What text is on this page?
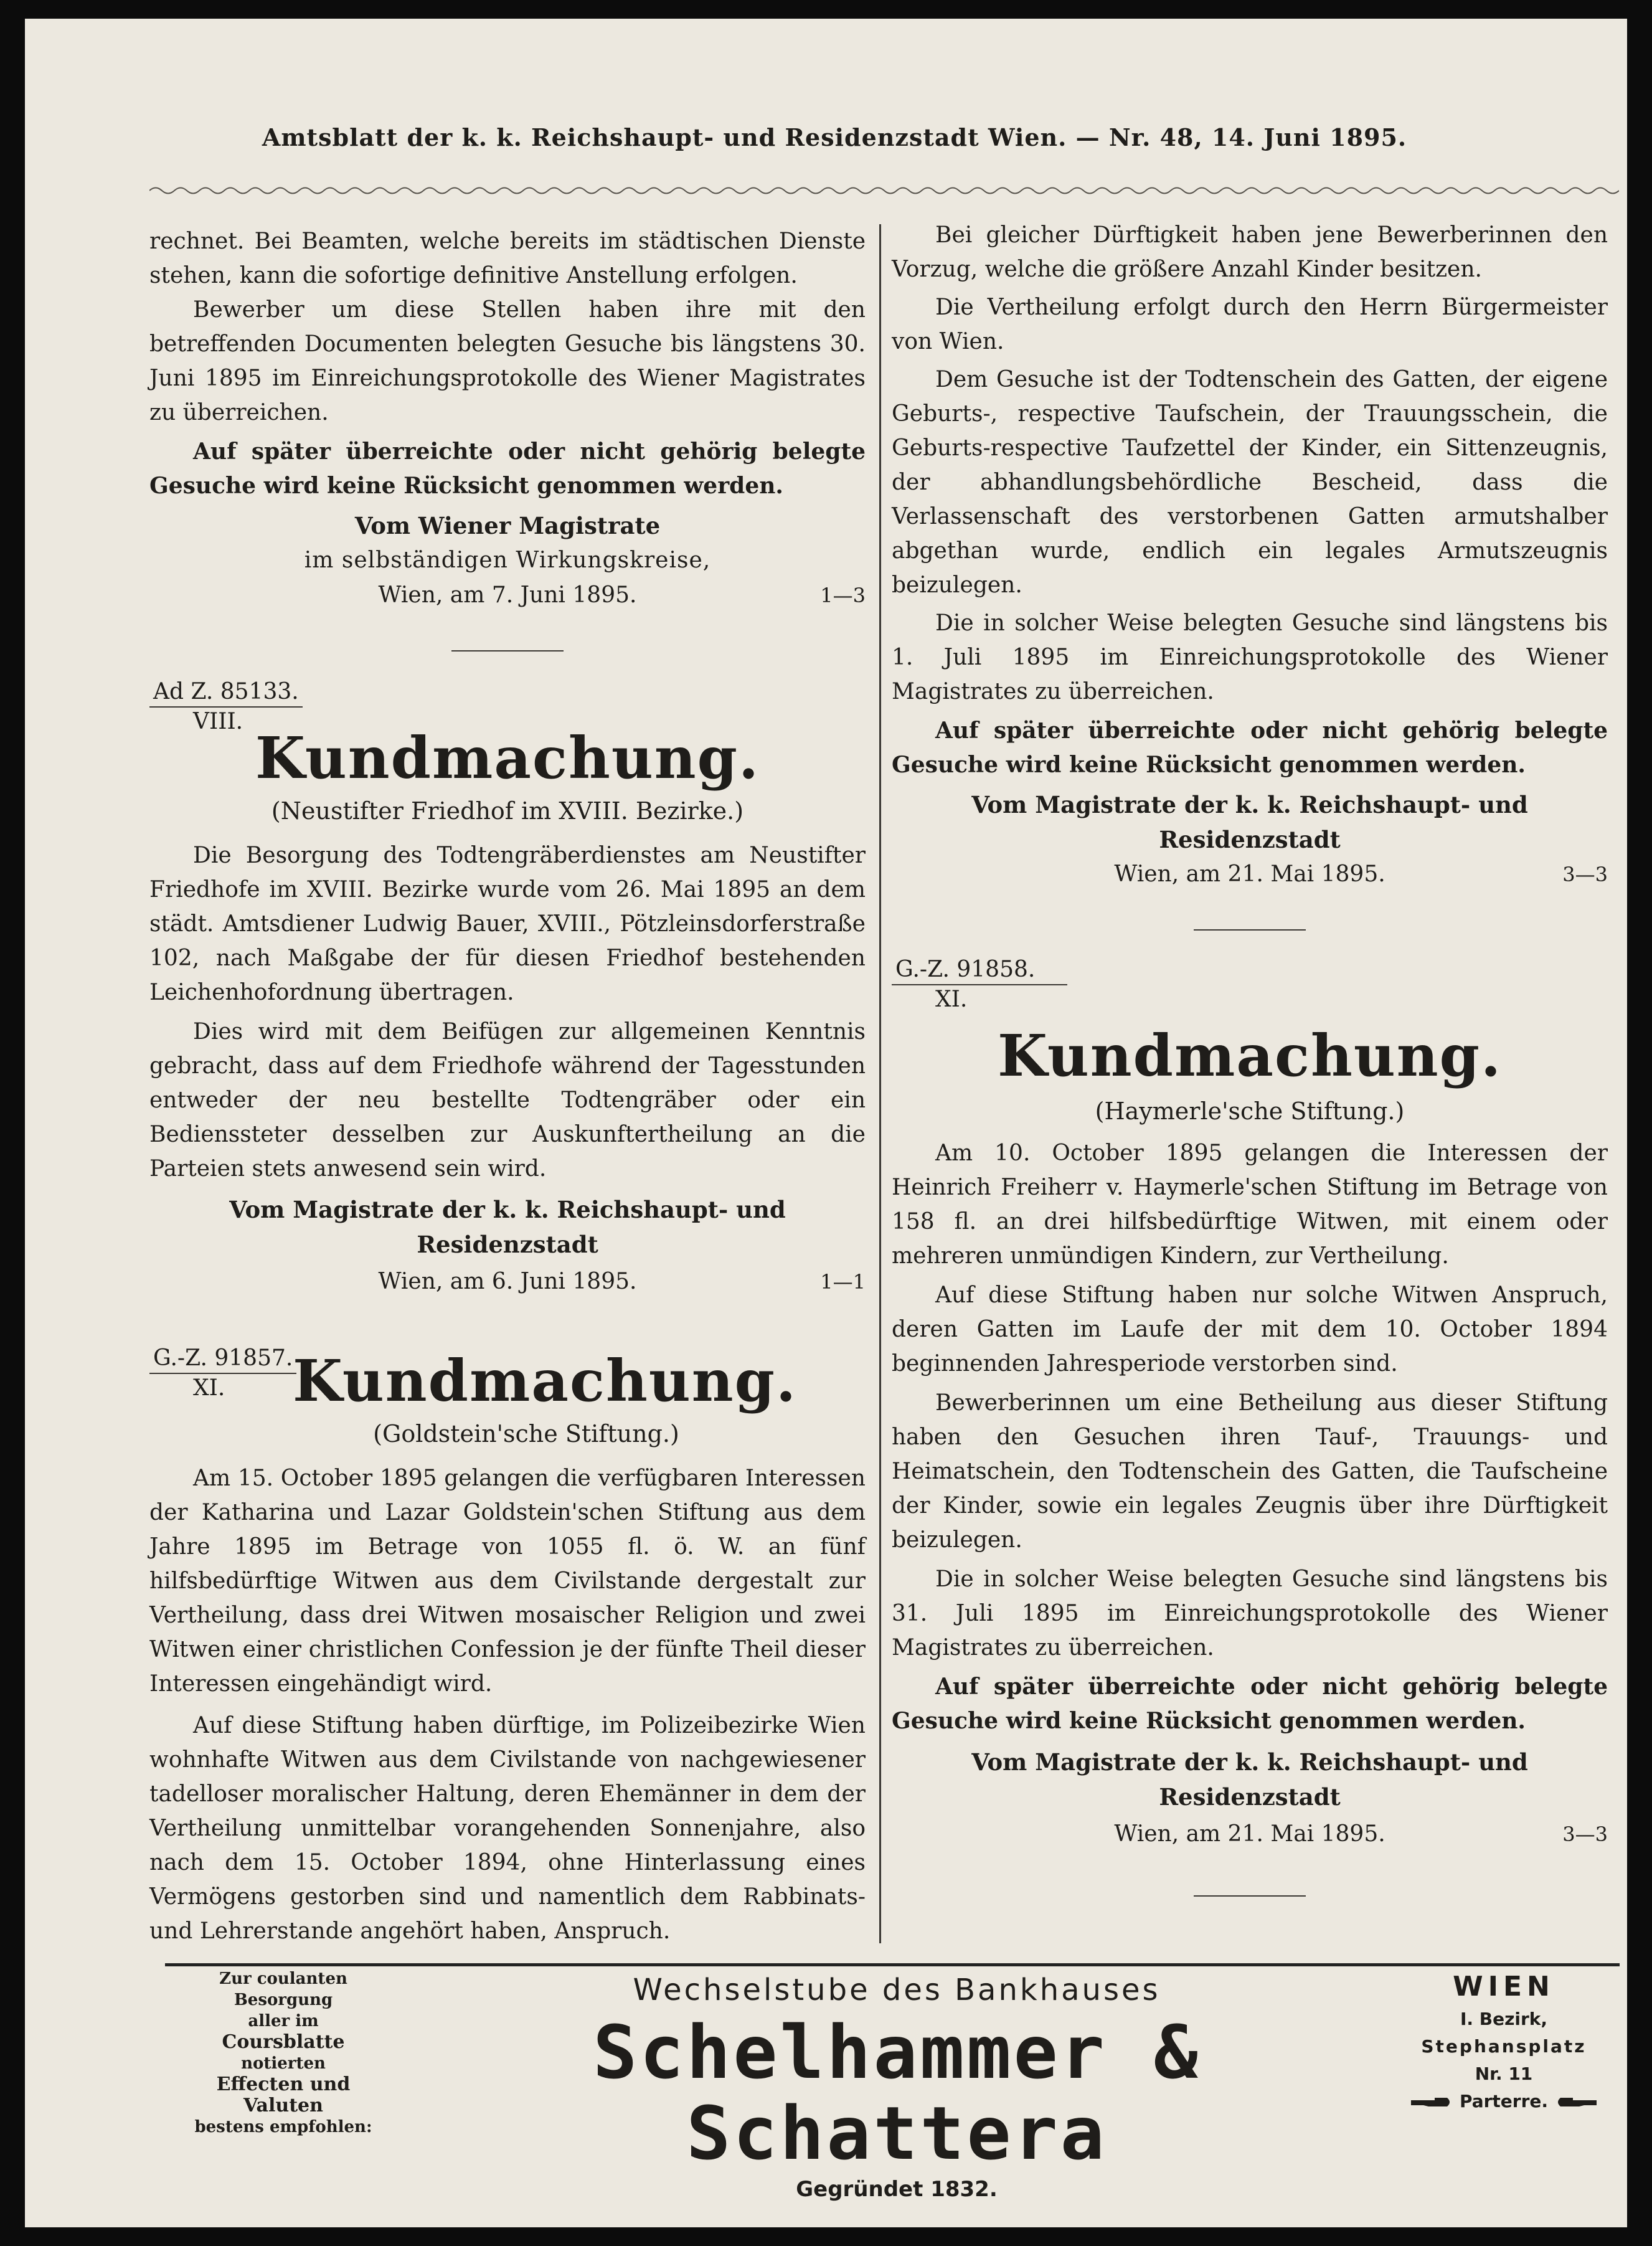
Amtsblatt der k. k. Reichshaupt- und Residenzstadt Wien. — Nr. 48, 14. Juni 1895.

rechnet. Bei Beamten, welche bereits im städtischen Dienste stehen, kann die sofortige definitive Anstellung erfolgen.

Bewerber um diese Stellen haben ihre mit den betreffenden Documenten belegten Gesuche bis längstens 30. Juni 1895 im Einreichungsprotokolle des Wiener Magistrates zu überreichen.

Auf später überreichte oder nicht gehörig belegte Gesuche wird keine Rücksicht genommen werden.

Vom Wiener Magistrate

im selbständigen Wirkungskreise,

Wien, am 7. Juni 1895.	1—3
Ad Z. 85133.
VIII.
Kundmachung.

(Neustifter Friedhof im XVIII. Bezirke.)

Die Besorgung des Todtengräberdienstes am Neustifter Friedhofe im XVIII. Bezirke wurde vom 26. Mai 1895 an dem städt. Amtsdiener Ludwig Bauer, XVIII., Pötzleinsdorferstraße 102, nach Maßgabe der für diesen Friedhof bestehenden Leichenhofordnung übertragen.

Dies wird mit dem Beifügen zur allgemeinen Kenntnis gebracht, dass auf dem Friedhofe während der Tagesstunden entweder der neu bestellte Todtengräber oder ein Bedienssteter desselben zur Auskunftertheilung an die Parteien stets anwesend sein wird.

Vom Magistrate der k. k. Reichshaupt- und Residenzstadt

Wien, am 6. Juni 1895.	1—1
G.-Z. 91857.
XI.	Kundmachung.

(Goldstein'sche Stiftung.)

Am 15. October 1895 gelangen die verfügbaren Interessen der Katharina und Lazar Goldstein'schen Stiftung aus dem Jahre 1895 im Betrage von 1055 fl. ö. W. an fünf hilfsbedürftige Witwen aus dem Civilstande dergestalt zur Vertheilung, dass drei Witwen mosaischer Religion und zwei Witwen einer christlichen Confession je der fünfte Theil dieser Interessen eingehändigt wird.

Auf diese Stiftung haben dürftige, im Polizeibezirke Wien wohnhafte Witwen aus dem Civilstande von nachgewiesener tadelloser moralischer Haltung, deren Ehemänner in dem der Vertheilung unmittelbar vorangehenden Sonnenjahre, also nach dem 15. October 1894, ohne Hinterlassung eines Vermögens gestorben sind und namentlich dem Rabbinats- und Lehrerstande angehört haben, Anspruch.

Bei gleicher Dürftigkeit haben jene Bewerberinnen den Vorzug, welche die größere Anzahl Kinder besitzen.

Die Vertheilung erfolgt durch den Herrn Bürgermeister von Wien.

Dem Gesuche ist der Todtenschein des Gatten, der eigene Geburts-, respective Taufschein, der Trauungsschein, die Geburts-respective Taufzettel der Kinder, ein Sittenzeugnis, der abhandlungsbehördliche Bescheid, dass die Verlassenschaft des verstorbenen Gatten armutshalber abgethan wurde, endlich ein legales Armutszeugnis beizulegen.

Die in solcher Weise belegten Gesuche sind längstens bis 1. Juli 1895 im Einreichungsprotokolle des Wiener Magistrates zu überreichen.

Auf später überreichte oder nicht gehörig belegte Gesuche wird keine Rücksicht genommen werden.

Vom Magistrate der k. k. Reichshaupt- und Residenzstadt

Wien, am 21. Mai 1895.	3—3
G.-Z. 91858.
XI.
Kundmachung.

(Haymerle'sche Stiftung.)

Am 10. October 1895 gelangen die Interessen der Heinrich Freiherr v. Haymerle'schen Stiftung im Betrage von 158 fl. an drei hilfsbedürftige Witwen, mit einem oder mehreren unmündigen Kindern, zur Vertheilung.

Auf diese Stiftung haben nur solche Witwen Anspruch, deren Gatten im Laufe der mit dem 10. October 1894 beginnenden Jahresperiode verstorben sind.

Bewerberinnen um eine Betheilung aus dieser Stiftung haben den Gesuchen ihren Tauf-, Trauungs- und Heimatschein, den Todtenschein des Gatten, die Taufscheine der Kinder, sowie ein legales Zeugnis über ihre Dürftigkeit beizulegen.

Die in solcher Weise belegten Gesuche sind längstens bis 31. Juli 1895 im Einreichungsprotokolle des Wiener Magistrates zu überreichen.

Auf später überreichte oder nicht gehörig belegte Gesuche wird keine Rücksicht genommen werden.

Vom Magistrate der k. k. Reichshaupt- und Residenzstadt

Wien, am 21. Mai 1895.	3—3
Zur coulanten Besorgung
aller im
Coursblatte
notierten
Effecten und Valuten
bestens empfohlen:
Wechselstube des Bankhauses
Schelhammer & Schattera
Gegründet 1832.
WIEN
I. Bezirk,
Stephansplatz
Nr. 11
Parterre.
